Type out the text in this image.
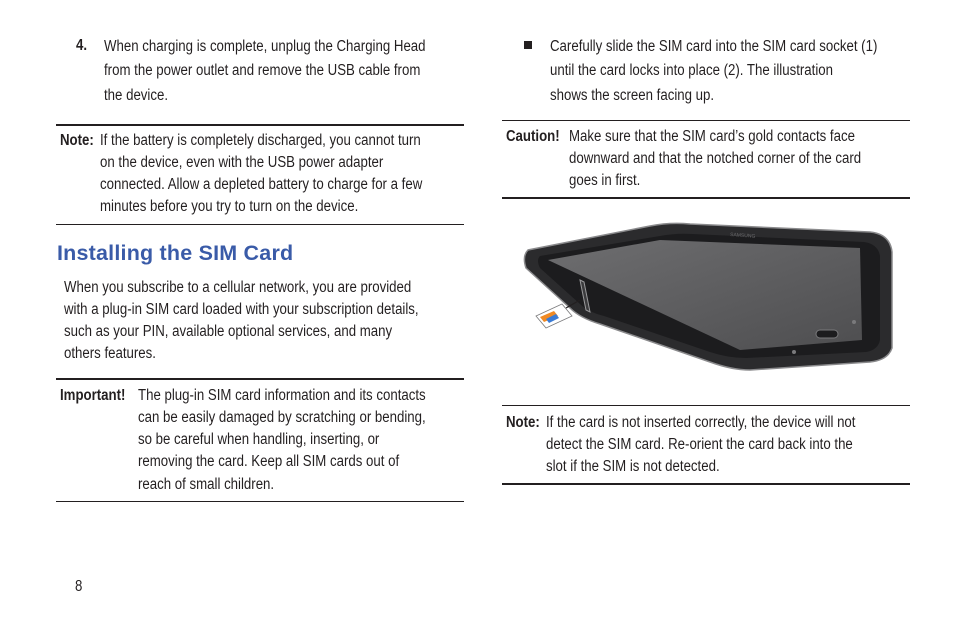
4. When charging is complete, unplug the Charging Head
from the power outlet and remove the USB cable from
the device.
Note: If the battery is completely discharged, you cannot turn
on the device, even with the USB power adapter
connected. Allow a depleted battery to charge for a few
minutes before you try to turn on the device.
Installing the SIM Card
When you subscribe to a cellular network, you are provided
with a plug-in SIM card loaded with your subscription details,
such as your PIN, available optional services, and many
others features.
Important! The plug-in SIM card information and its contacts
can be easily damaged by scratching or bending,
so be careful when handling, inserting, or
removing the card. Keep all SIM cards out of
reach of small children.
8
Carefully slide the SIM card into the SIM card socket (1)
until the card locks into place (2). The illustration
shows the screen facing up.
Caution! Make sure that the SIM card’s gold contacts face
downward and that the notched corner of the card
goes in first.
SAMSUNG
Note: If the card is not inserted correctly, the device will not
detect the SIM card. Re-orient the card back into the
slot if the SIM is not detected.
